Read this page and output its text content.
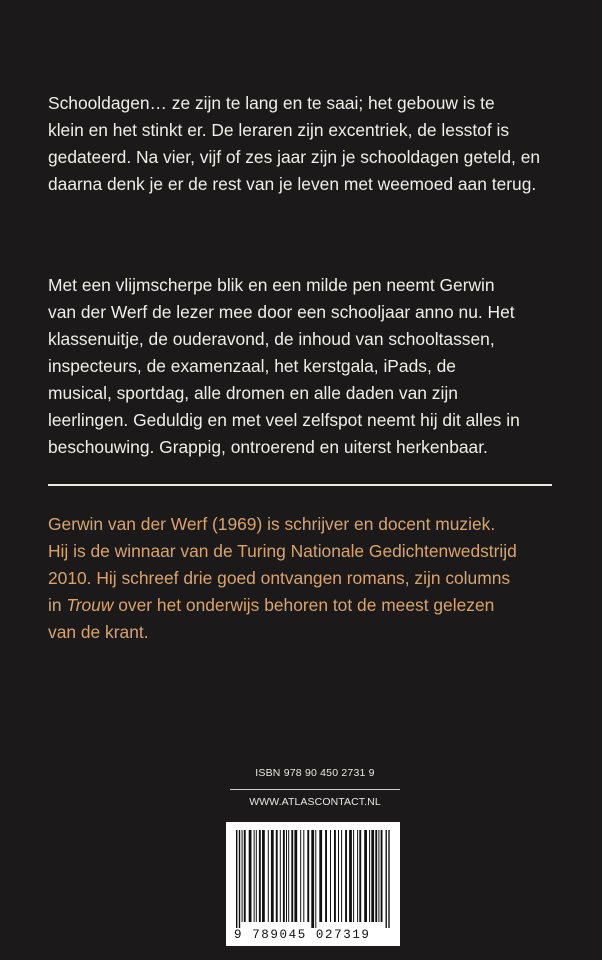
Schooldagen… ze zijn te lang en te saai; het gebouw is te
klein en het stinkt er. De leraren zijn excentriek, de lesstof is
gedateerd. Na vier, vijf of zes jaar zijn je schooldagen geteld, en
daarna denk je er de rest van je leven met weemoed aan terug.
Met een vlijmscherpe blik en een milde pen neemt Gerwin
van der Werf de lezer mee door een schooljaar anno nu. Het
klassenuitje, de ouderavond, de inhoud van schooltassen,
inspecteurs, de examenzaal, het kerstgala, iPads, de
musical, sportdag, alle dromen en alle daden van zijn
leerlingen. Geduldig en met veel zelfspot neemt hij dit alles in
beschouwing. Grappig, ontroerend en uiterst herkenbaar.
Gerwin van der Werf (1969) is schrijver en docent muziek.
Hij is de winnaar van de Turing Nationale Gedichtenwedstrijd
2010. Hij schreef drie goed ontvangen romans, zijn columns
in Trouw over het onderwijs behoren tot de meest gelezen
van de krant.
ISBN 978 90 450 2731 9
WWW.ATLASCONTACT.NL
9 789045 027319
